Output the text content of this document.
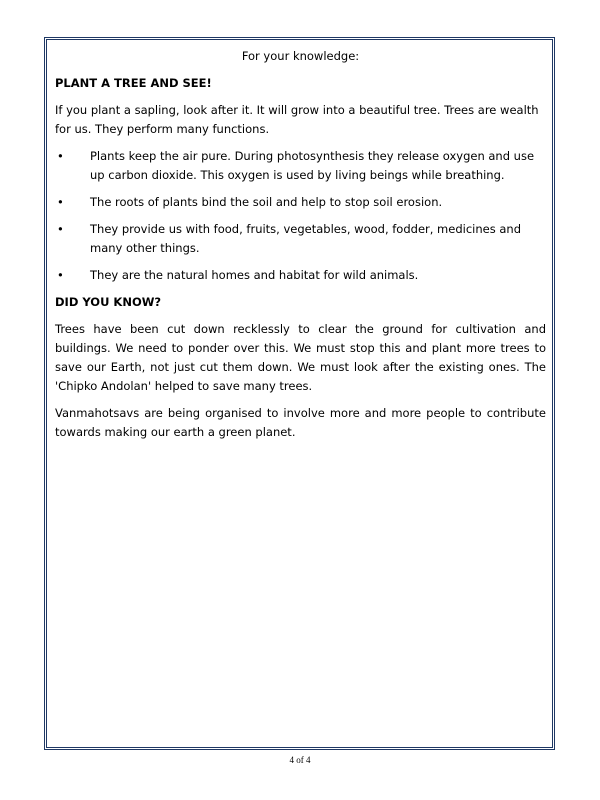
For your knowledge:
PLANT A TREE AND SEE!

If you plant a sapling, look after it. It will grow into a beautiful tree. Trees are wealth for us. They perform many functions.

• Plants keep the air pure. During photosynthesis they release oxygen and use up carbon dioxide. This oxygen is used by living beings while breathing.
• The roots of plants bind the soil and help to stop soil erosion.
• They provide us with food, fruits, vegetables, wood, fodder, medicines and many other things.
• They are the natural homes and habitat for wild animals.
DID YOU KNOW?

Trees have been cut down recklessly to clear the ground for cultivation and buildings. We need to ponder over this. We must stop this and plant more trees to save our Earth, not just cut them down. We must look after the existing ones. The 'Chipko Andolan' helped to save many trees.

Vanmahotsavs are being organised to involve more and more people to contribute towards making our earth a green planet.

4 of 4
